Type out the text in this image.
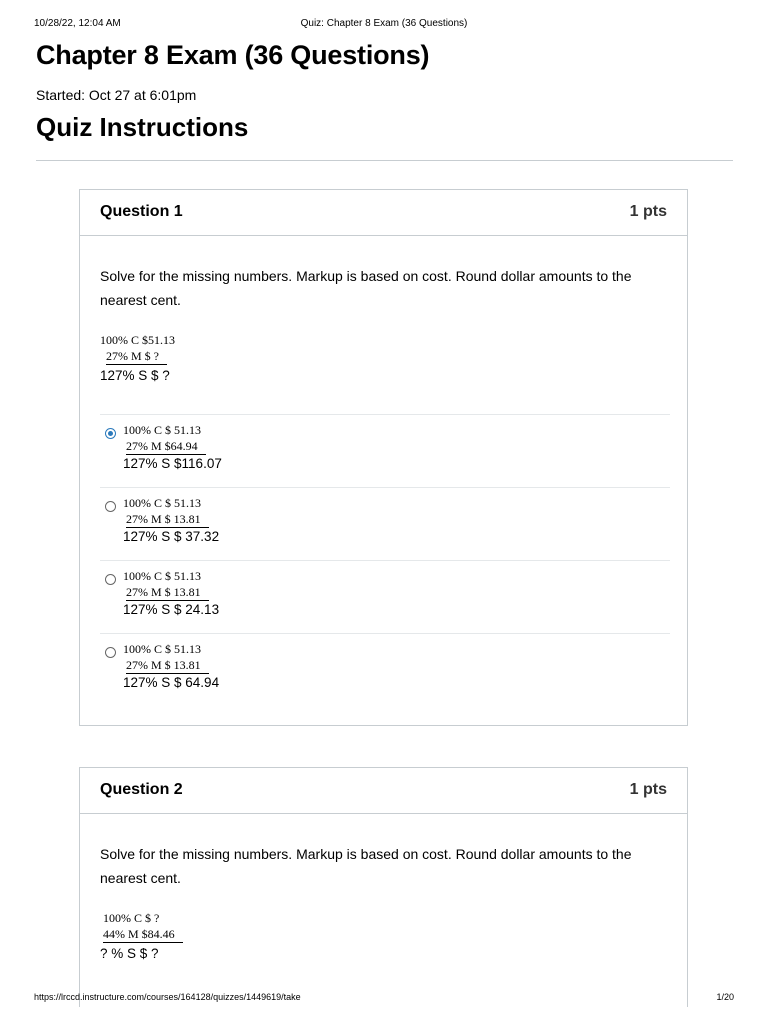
10/28/22, 12:04 AM	Quiz: Chapter 8 Exam (36 Questions)
Chapter 8 Exam (36 Questions)
Started: Oct 27 at 6:01pm
Quiz Instructions
Question 1	1 pts
Solve for the missing numbers. Markup is based on cost. Round dollar amounts to the nearest cent.
100% C $51.13
27% M $ ?
127% S $ ?
100% C $ 51.13
27% M $64.94
127% S $116.07
100% C $ 51.13
27% M $ 13.81
127% S $ 37.32
100% C $ 51.13
27% M $ 13.81
127% S $ 24.13
100% C $ 51.13
27% M $ 13.81
127% S $ 64.94
Question 2	1 pts
Solve for the missing numbers. Markup is based on cost. Round dollar amounts to the nearest cent.
100% C $ ?
44% M $84.46
? % S $ ?
https://lrccd.instructure.com/courses/164128/quizzes/1449619/take	1/20
